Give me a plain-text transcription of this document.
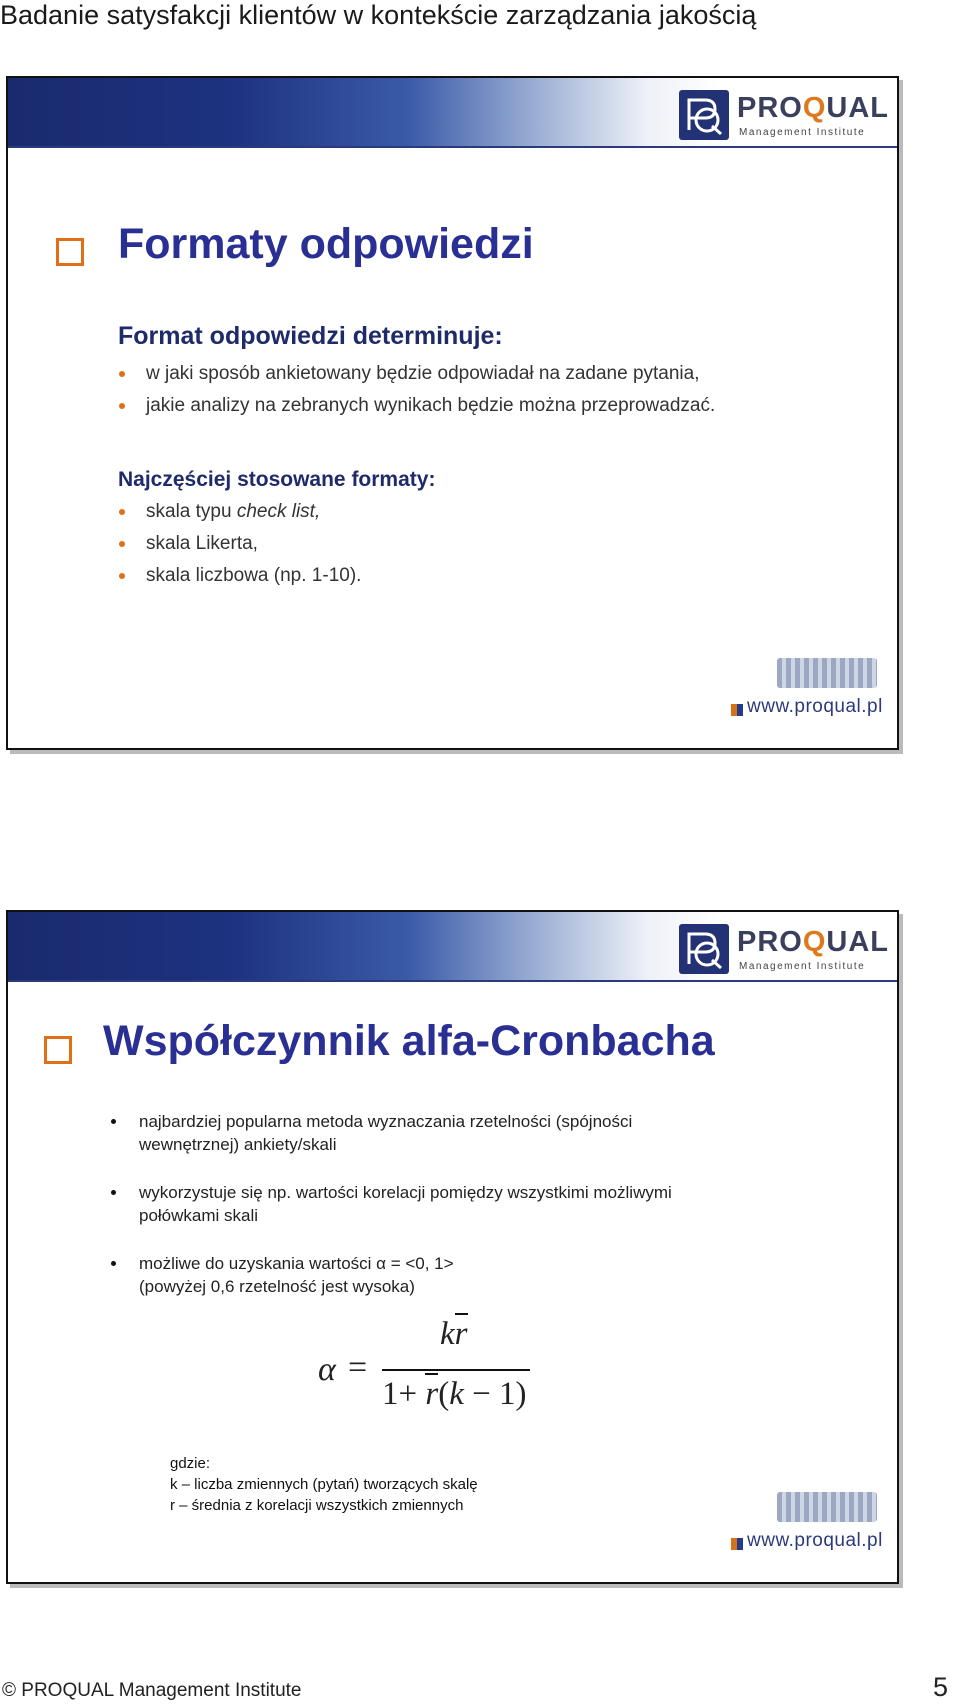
Badanie satysfakcji klientów w kontekście zarządzania jakością
PROQUAL
Management Institute
Formaty odpowiedzi
Format odpowiedzi determinuje:
w jaki sposób ankietowany będzie odpowiadał na zadane pytania,
jakie analizy na zebranych wynikach będzie można przeprowadzać.
Najczęściej stosowane formaty:
skala typu check list,
skala Likerta,
skala liczbowa (np. 1-10).
www.proqual.pl
PROQUAL
Management Institute
Współczynnik alfa-Cronbacha
najbardziej popularna metoda wyznaczania rzetelności (spójności
wewnętrznej) ankiety/skali
wykorzystuje się np. wartości korelacji pomiędzy wszystkimi możliwymi
połówkami skali
możliwe do uzyskania wartości α = <0, 1>
(powyżej 0,6 rzetelność jest wysoka)
α =
kr
1+ r(k − 1)
gdzie:
k – liczba zmiennych (pytań) tworzących skalę
r – średnia z korelacji wszystkich zmiennych
www.proqual.pl
© PROQUAL Management Institute	5
